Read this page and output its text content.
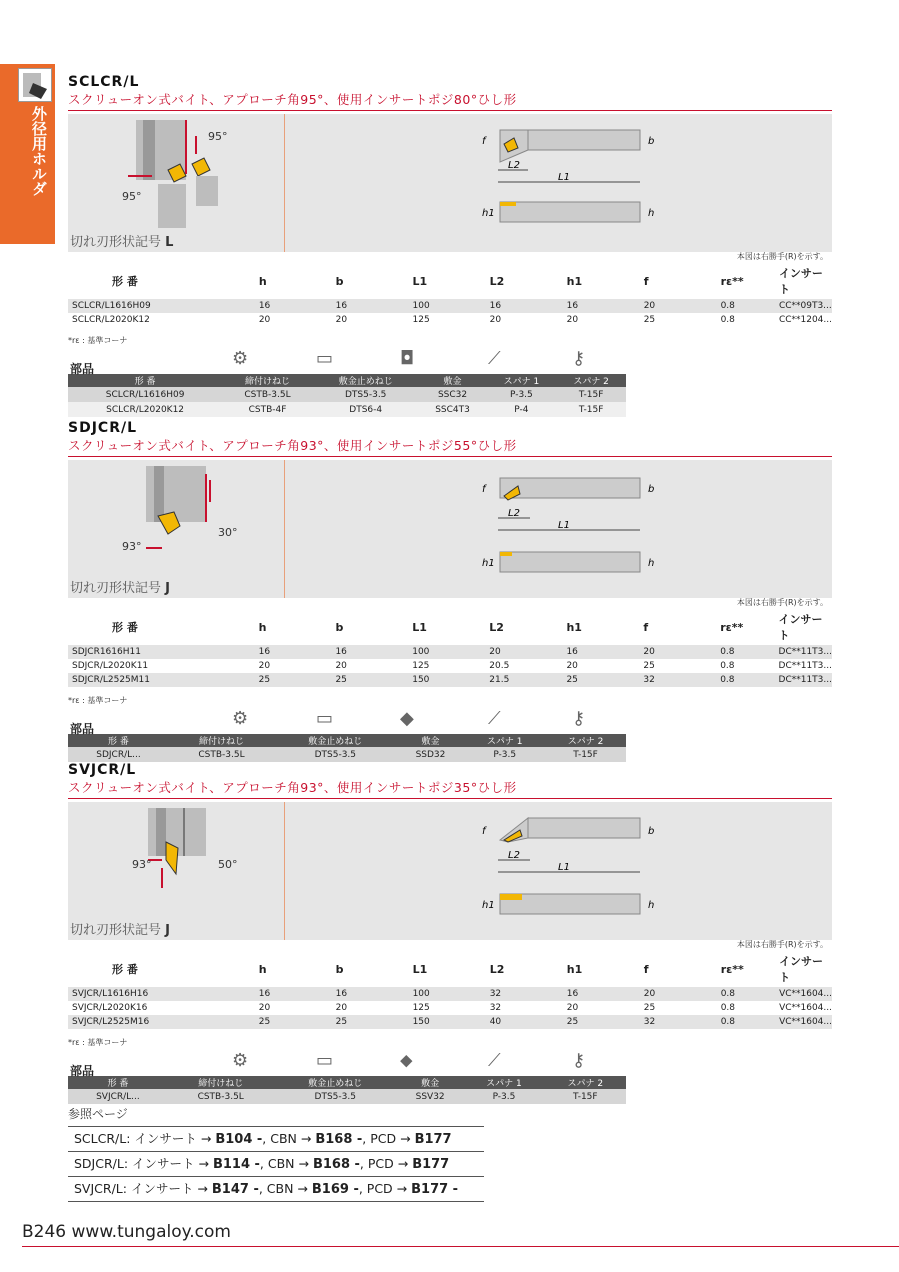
外径用ホルダ
SCLCR/L
スクリューオン式バイト、アプローチ角95°、使用インサートポジ80°ひし形
95°
95°
切れ刃形状記号 L
L2
L1
f	b
h1	h
本図は右勝手(R)を示す。
形 番	h	b	L1	L2	h1	f	rε**	インサート
SCLCR/L1616H09	16	16	100	16	16	20	0.8	CC**09T3...
SCLCR/L2020K12	20	20	125	20	20	25	0.8	CC**1204...
*rε : 基準コーナ
部品	⚙	▭	◘	⟋	⚷
形 番	締付けねじ	敷金止めねじ	敷金	スパナ 1	スパナ 2
SCLCR/L1616H09	CSTB-3.5L	DTS5-3.5	SSC32	P-3.5	T-15F
SCLCR/L2020K12	CSTB-4F	DTS6-4	SSC4T3	P-4	T-15F
SDJCR/L
スクリューオン式バイト、アプローチ角93°、使用インサートポジ55°ひし形
30°
93°
切れ刃形状記号 J
L2
L1
f	b
h1	h
本図は右勝手(R)を示す。
形 番	h	b	L1	L2	h1	f	rε**	インサート
SDJCR1616H11	16	16	100	20	16	20	0.8	DC**11T3...
SDJCR/L2020K11	20	20	125	20.5	20	25	0.8	DC**11T3...
SDJCR/L2525M11	25	25	150	21.5	25	32	0.8	DC**11T3...
*rε : 基準コーナ
部品	⚙	▭	◆	⟋	⚷
形 番	締付けねじ	敷金止めねじ	敷金	スパナ 1	スパナ 2
SDJCR/L...	CSTB-3.5L	DTS5-3.5	SSD32	P-3.5	T-15F
SVJCR/L
スクリューオン式バイト、アプローチ角93°、使用インサートポジ35°ひし形
50°
93°
切れ刃形状記号 J
L2
L1
f	b
h1	h
本図は右勝手(R)を示す。
形 番	h	b	L1	L2	h1	f	rε**	インサート
SVJCR/L1616H16	16	16	100	32	16	20	0.8	VC**1604...
SVJCR/L2020K16	20	20	125	32	20	25	0.8	VC**1604...
SVJCR/L2525M16	25	25	150	40	25	32	0.8	VC**1604...
*rε : 基準コーナ
部品	⚙	▭	⬥	⟋	⚷
形 番	締付けねじ	敷金止めねじ	敷金	スパナ 1	スパナ 2
SVJCR/L...	CSTB-3.5L	DTS5-3.5	SSV32	P-3.5	T-15F
参照ページ
SCLCR/L: インサート → B104 -, CBN → B168 -, PCD → B177
SDJCR/L: インサート → B114 -, CBN → B168 -, PCD → B177
SVJCR/L: インサート → B147 -, CBN → B169 -, PCD → B177 -
B246 www.tungaloy.com
